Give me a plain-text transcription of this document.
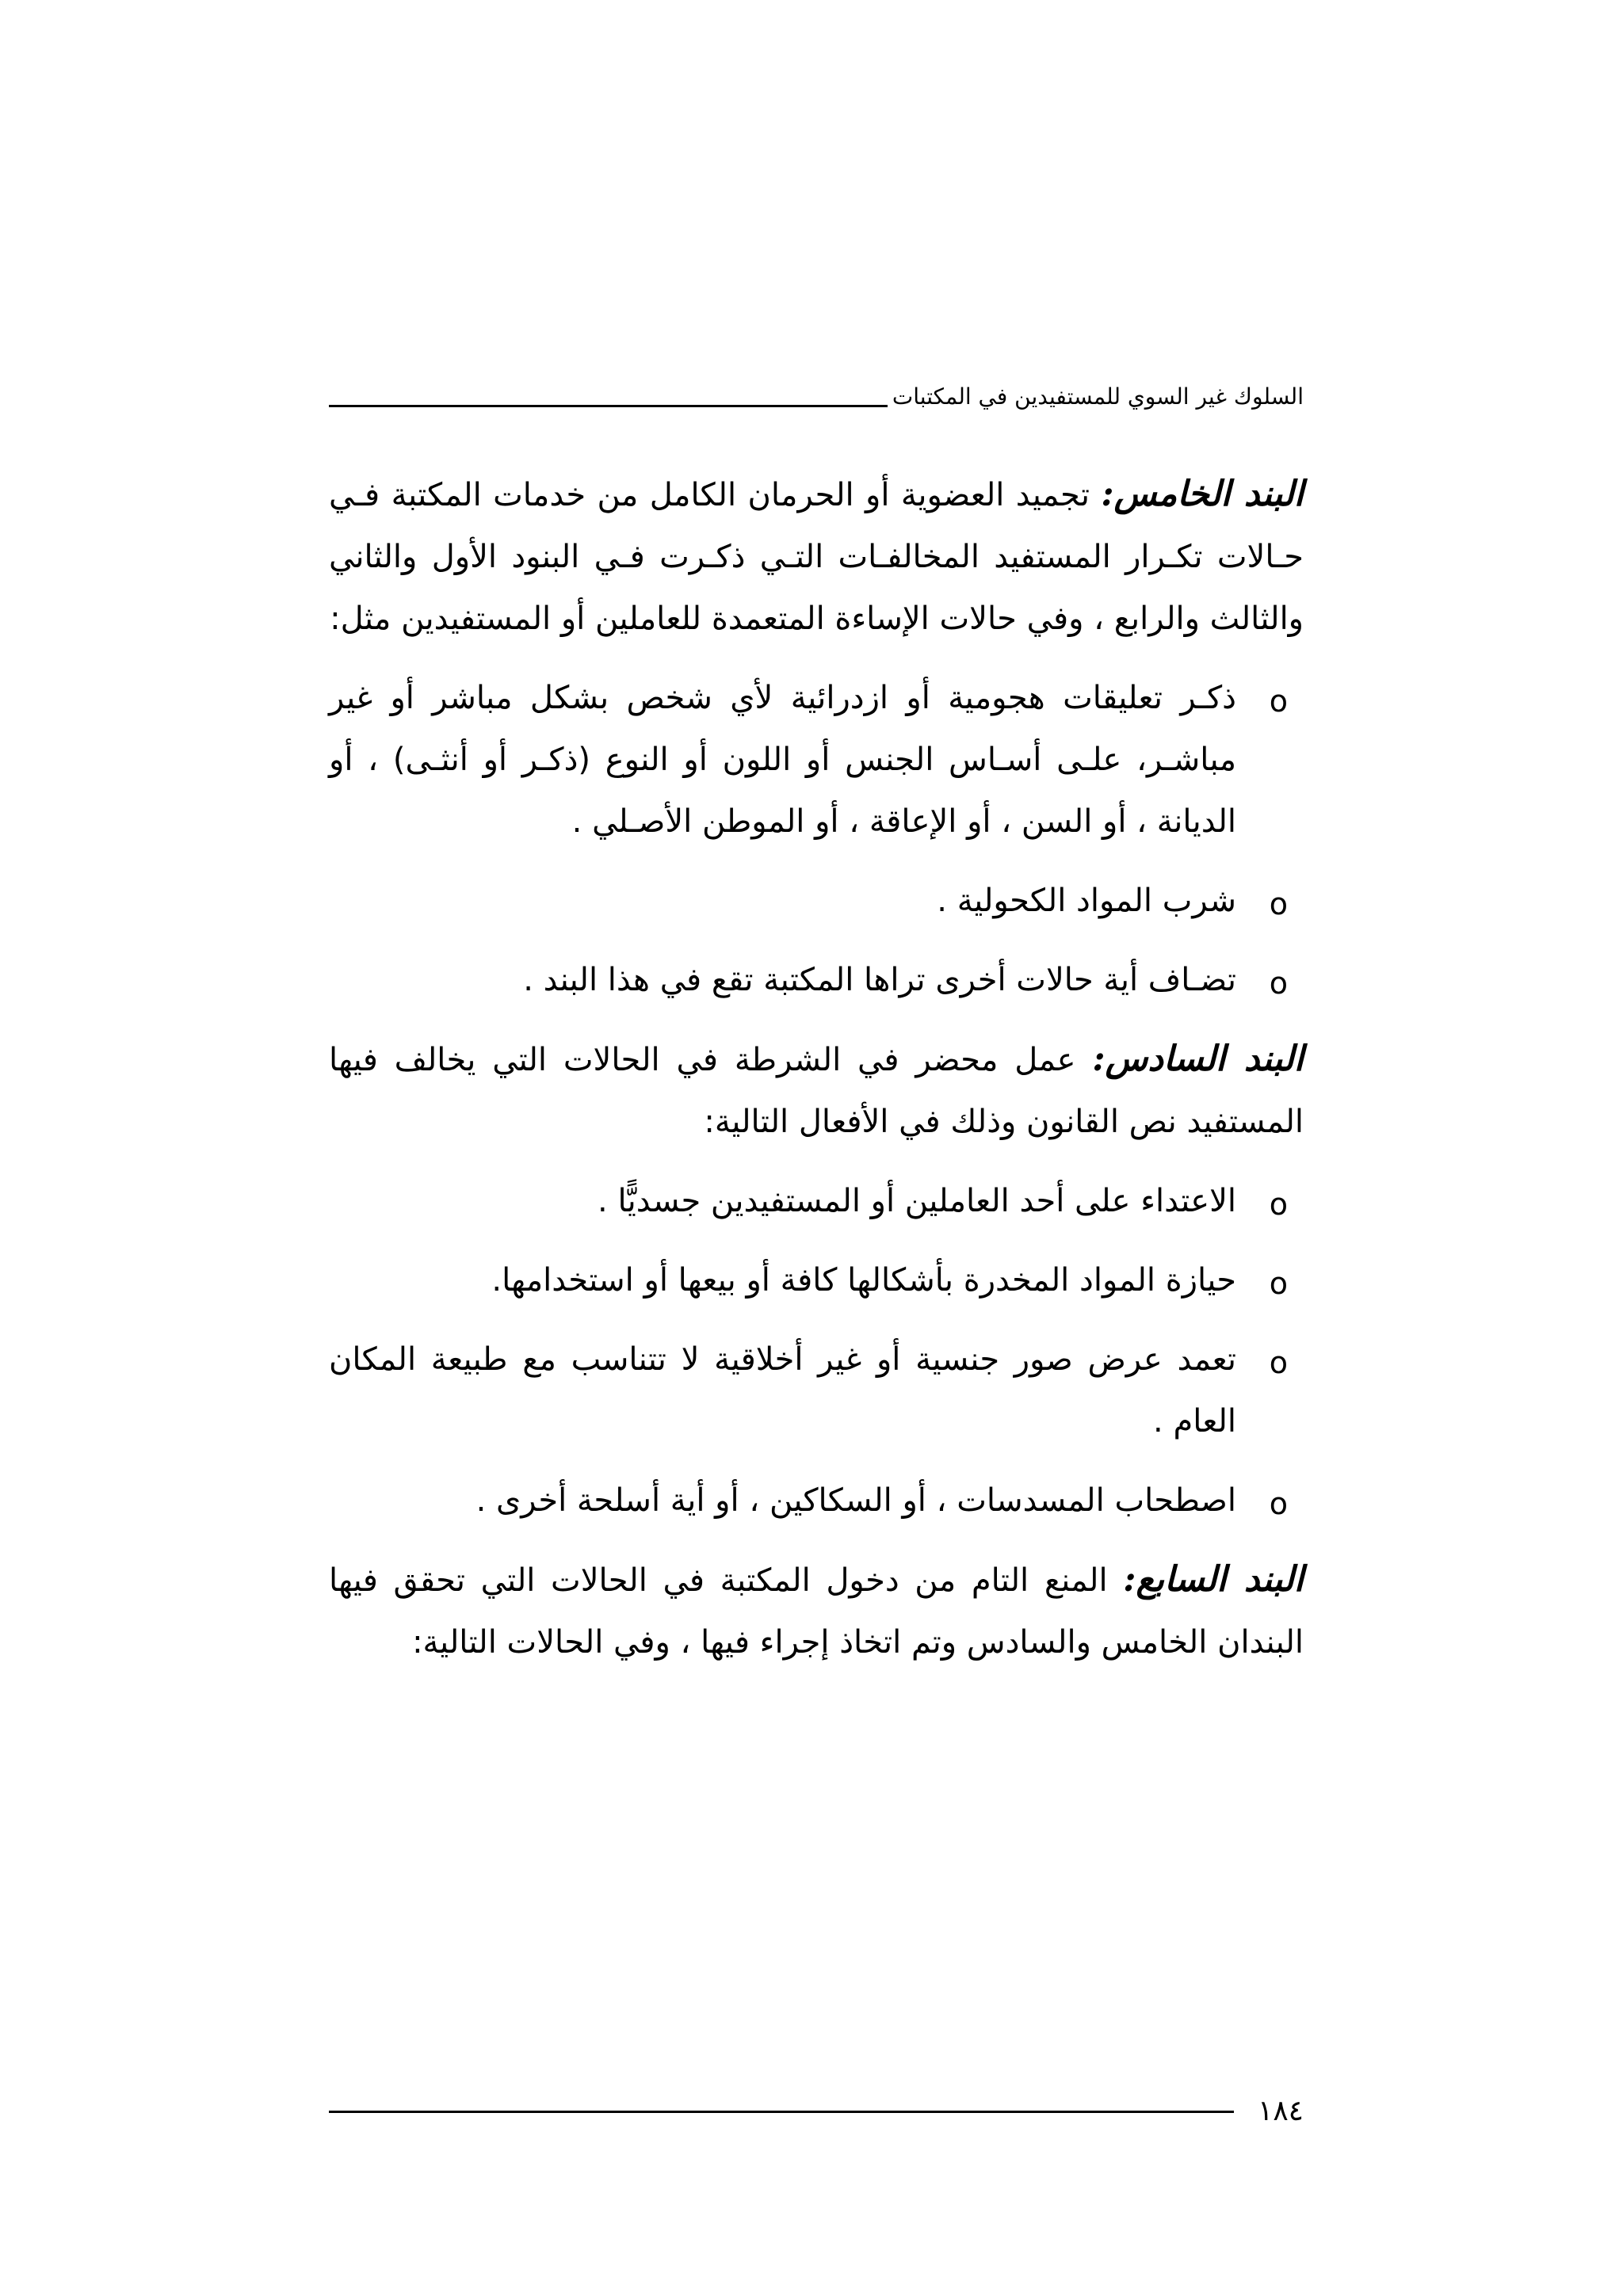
السلوك غير السوي للمستفيدين في المكتبات

البند الخامس: تجميد العضوية أو الحرمان الكامل من خدمات المكتبة فـي حـالات تكـرار المستفيد المخالفـات التـي ذكـرت فـي البنود الأول والثاني والثالث والرابع ، وفي حالات الإساءة المتعمدة للعاملين أو المستفيدين مثل:

o
ذكـر تعليقات هجومية أو ازدرائية لأي شخص بشكل مباشر أو غير مباشـر، علـى أسـاس الجنس أو اللون أو النوع (ذكـر أو أنثـى) ، أو الديانة ، أو السن ، أو الإعاقة ، أو الموطن الأصـلي .
o
شرب المواد الكحولية .
o
تضـاف أية حالات أخرى تراها المكتبة تقع في هذا البند .

البند السادس: عمل محضر في الشرطة في الحالات التي يخالف فيها المستفيد نص القانون وذلك في الأفعال التالية:

o
الاعتداء على أحد العاملين أو المستفيدين جسديًّا .
o
حيازة المواد المخدرة بأشكالها كافة أو بيعها أو استخدامها.
o
تعمد عرض صور جنسية أو غير أخلاقية لا تتناسب مع طبيعة المكان العام .
o
اصطحاب المسدسات ، أو السكاكين ، أو أية أسلحة أخرى .

البند السابع: المنع التام من دخول المكتبة في الحالات التي تحقق فيها البندان الخامس والسادس وتم اتخاذ إجراء فيها ، وفي الحالات التالية:

١٨٤
